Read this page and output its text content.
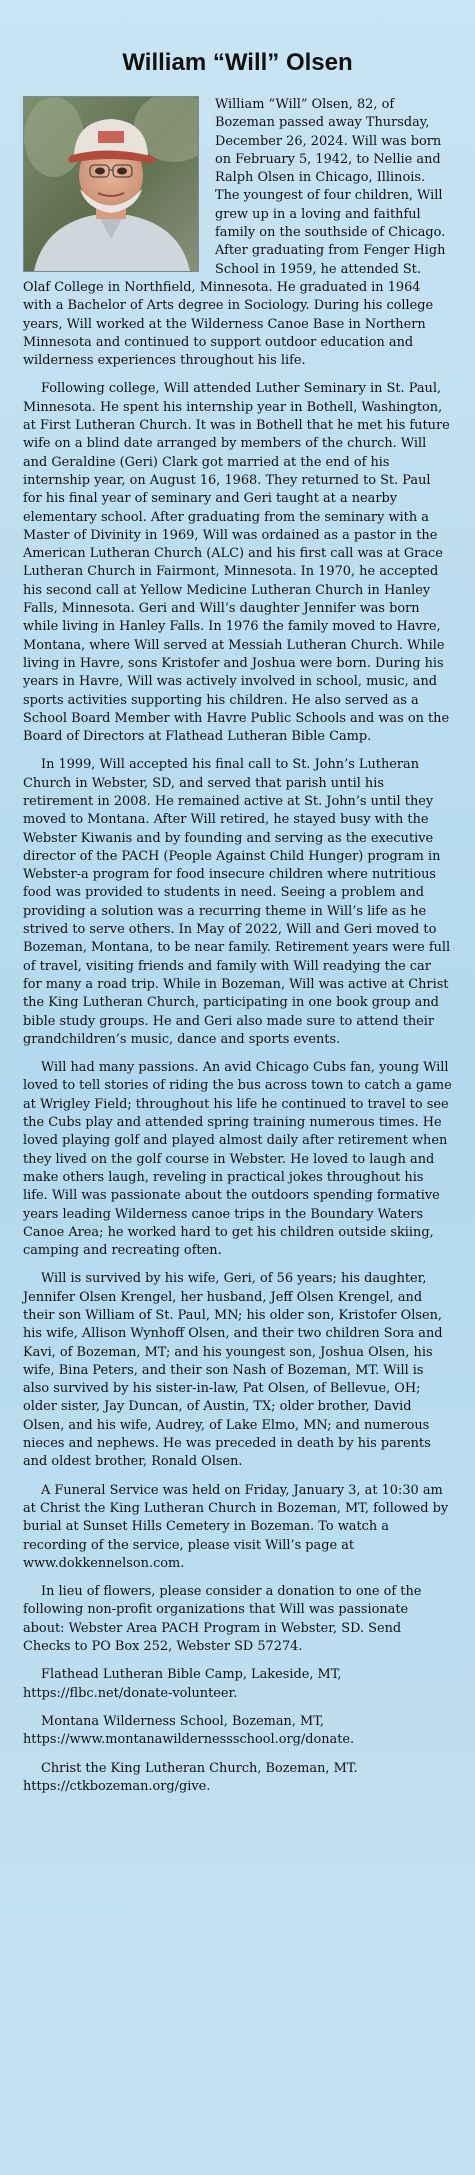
William “Will” Olsen

William “Will” Olsen, 82, of Bozeman passed away Thursday, December 26, 2024. Will was born on February 5, 1942, to Nellie and Ralph Olsen in Chicago, Illinois. The youngest of four children, Will grew up in a loving and faithful family on the southside of Chicago. After graduating from Fenger High School in 1959, he attended St. Olaf College in Northfield, Minnesota. He graduated in 1964 with a Bachelor of Arts degree in Sociology. During his college years, Will worked at the Wilderness Canoe Base in Northern Minnesota and continued to support outdoor education and wilderness experiences throughout his life.

Following college, Will attended Luther Seminary in St. Paul, Minnesota. He spent his internship year in Bothell, Washington, at First Lutheran Church. It was in Bothell that he met his future wife on a blind date arranged by members of the church. Will and Geraldine (Geri) Clark got married at the end of his internship year, on August 16, 1968. They returned to St. Paul for his final year of seminary and Geri taught at a nearby elementary school. After graduating from the seminary with a Master of Divinity in 1969, Will was ordained as a pastor in the American Lutheran Church (ALC) and his first call was at Grace Lutheran Church in Fairmont, Minnesota. In 1970, he accepted his second call at Yellow Medicine Lutheran Church in Hanley Falls, Minnesota. Geri and Will’s daughter Jennifer was born while living in Hanley Falls. In 1976 the family moved to Havre, Montana, where Will served at Messiah Lutheran Church. While living in Havre, sons Kristofer and Joshua were born. During his years in Havre, Will was actively involved in school, music, and sports activities supporting his children. He also served as a School Board Member with Havre Public Schools and was on the Board of Directors at Flathead Lutheran Bible Camp.

In 1999, Will accepted his final call to St. John’s Lutheran Church in Webster, SD, and served that parish until his retirement in 2008. He remained active at St. John’s until they moved to Montana. After Will retired, he stayed busy with the Webster Kiwanis and by founding and serving as the executive director of the PACH (People Against Child Hunger) program in Webster-a program for food insecure children where nutritious food was provided to students in need. Seeing a problem and providing a solution was a recurring theme in Will’s life as he strived to serve others. In May of 2022, Will and Geri moved to Bozeman, Montana, to be near family. Retirement years were full of travel, visiting friends and family with Will readying the car for many a road trip. While in Bozeman, Will was active at Christ the King Lutheran Church, participating in one book group and bible study groups. He and Geri also made sure to attend their grandchildren’s music, dance and sports events.

Will had many passions. An avid Chicago Cubs fan, young Will loved to tell stories of riding the bus across town to catch a game at Wrigley Field; throughout his life he continued to travel to see the Cubs play and attended spring training numerous times. He loved playing golf and played almost daily after retirement when they lived on the golf course in Webster. He loved to laugh and make others laugh, reveling in practical jokes throughout his life. Will was passionate about the outdoors spending formative years leading Wilderness canoe trips in the Boundary Waters Canoe Area; he worked hard to get his children outside skiing, camping and recreating often.

Will is survived by his wife, Geri, of 56 years; his daughter, Jennifer Olsen Krengel, her husband, Jeff Olsen Krengel, and their son William of St. Paul, MN; his older son, Kristofer Olsen, his wife, Allison Wynhoff Olsen, and their two children Sora and Kavi, of Bozeman, MT; and his youngest son, Joshua Olsen, his wife, Bina Peters, and their son Nash of Bozeman, MT. Will is also survived by his sister-in-law, Pat Olsen, of Bellevue, OH; older sister, Jay Duncan, of Austin, TX; older brother, David Olsen, and his wife, Audrey, of Lake Elmo, MN; and numerous nieces and nephews. He was preceded in death by his parents and oldest brother, Ronald Olsen.

A Funeral Service was held on Friday, January 3, at 10:30 am at Christ the King Lutheran Church in Bozeman, MT, followed by burial at Sunset Hills Cemetery in Bozeman. To watch a recording of the service, please visit Will’s page at www.dokkennelson.com.

In lieu of flowers, please consider a donation to one of the following non-profit organizations that Will was passionate about: Webster Area PACH Program in Webster, SD. Send Checks to PO Box 252, Webster SD 57274.

Flathead Lutheran Bible Camp, Lakeside, MT, https://flbc.net/donate-volunteer.

Montana Wilderness School, Bozeman, MT, https://www.montanawildernessschool.org/donate.

Christ the King Lutheran Church, Bozeman, MT. https://ctkbozeman.org/give.
